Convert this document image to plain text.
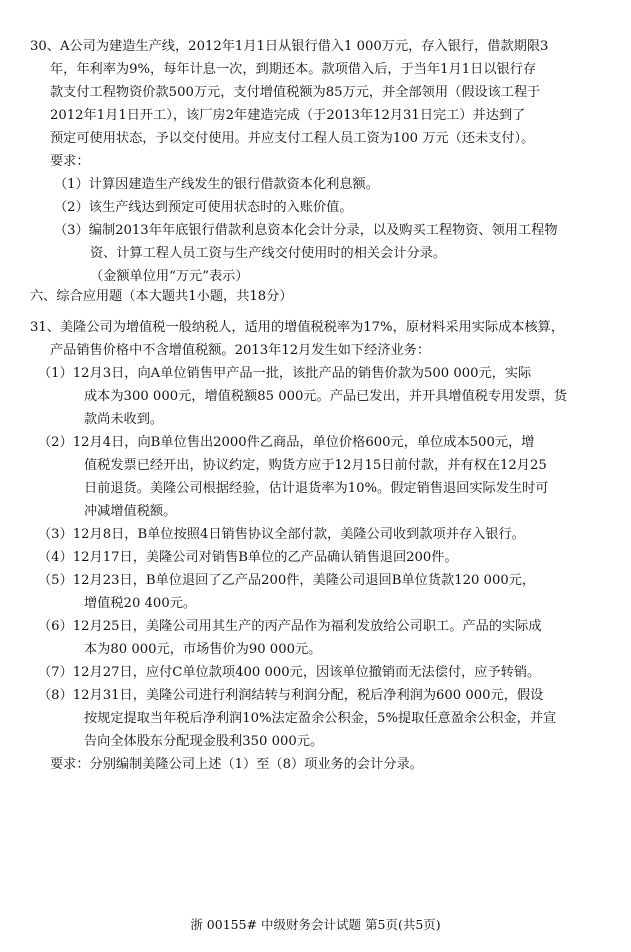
30、A公司为建造生产线，2012年1月1日从银行借入1 000万元，存入银行，借款期限3
年，年利率为9%，每年计息一次，到期还本。款项借入后，于当年1月1日以银行存
款支付工程物资价款500万元，支付增值税额为85万元，并全部领用（假设该工程于
2012年1月1日开工），该厂房2年建造完成（于2013年12月31日完工）并达到了
预定可使用状态，予以交付使用。并应支付工程人员工资为100 万元（还未支付）。
要求：
（1）计算因建造生产线发生的银行借款资本化利息额。
（2）该生产线达到预定可使用状态时的入账价值。
（3）编制2013年年底银行借款利息资本化会计分录，以及购买工程物资、领用工程物
资、计算工程人员工资与生产线交付使用时的相关会计分录。
（金额单位用“万元”表示）
六、综合应用题（本大题共1小题，共18分）
31、美隆公司为增值税一般纳税人，适用的增值税税率为17%，原材料采用实际成本核算，
产品销售价格中不含增值税额。2013年12月发生如下经济业务：
（1）12月3日，向A单位销售甲产品一批，该批产品的销售价款为500 000元，实际
成本为300 000元，增值税额85 000元。产品已发出，并开具增值税专用发票，货
款尚未收到。
（2）12月4日，向B单位售出2000件乙商品，单位价格600元，单位成本500元，增
值税发票已经开出，协议约定，购货方应于12月15日前付款，并有权在12月25
日前退货。美隆公司根据经验，估计退货率为10%。假定销售退回实际发生时可
冲减增值税额。
（3）12月8日，B单位按照4日销售协议全部付款，美隆公司收到款项并存入银行。
（4）12月17日，美隆公司对销售B单位的乙产品确认销售退回200件。
（5）12月23日，B单位退回了乙产品200件，美隆公司退回B单位货款120 000元，
增值税20 400元。
（6）12月25日，美隆公司用其生产的丙产品作为福利发放给公司职工。产品的实际成
本为80 000元，市场售价为90 000元。
（7）12月27日，应付C单位款项400 000元，因该单位撤销而无法偿付，应予转销。
（8）12月31日，美隆公司进行利润结转与利润分配，税后净利润为600 000元，假设
按规定提取当年税后净利润10%法定盈余公积金，5%提取任意盈余公积金，并宣
告向全体股东分配现金股利350 000元。
要求：分别编制美隆公司上述（1）至（8）项业务的会计分录。
浙 00155# 中级财务会计试题 第5页(共5页)
